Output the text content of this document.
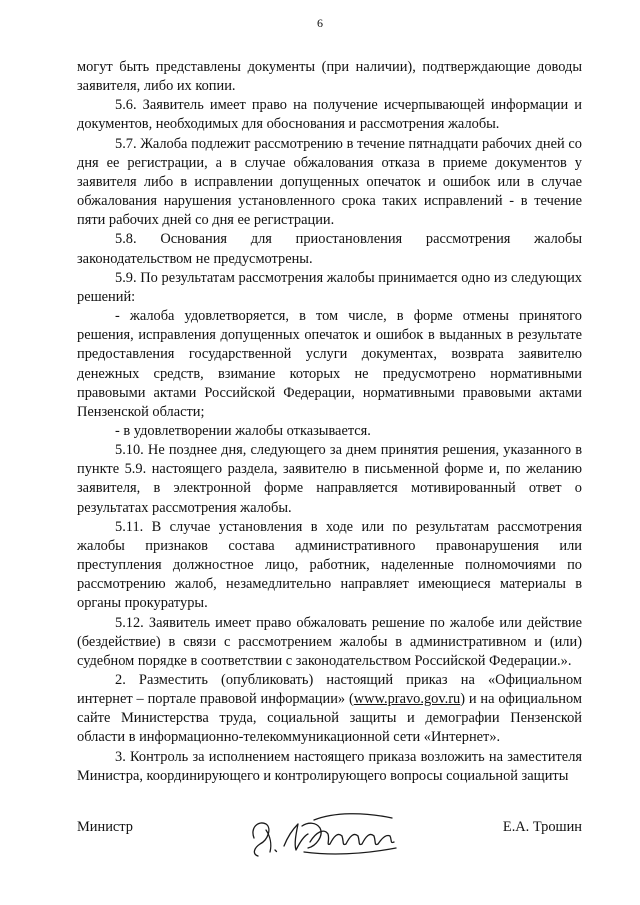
6

могут быть представлены документы (при наличии), подтверждающие доводы заявителя, либо их копии.

5.6. Заявитель имеет право на получение исчерпывающей информации и документов, необходимых для обоснования и рассмотрения жалобы.

5.7. Жалоба подлежит рассмотрению в течение пятнадцати рабочих дней со дня ее регистрации, а в случае обжалования отказа в приеме документов у заявителя либо в исправлении допущенных опечаток и ошибок или в случае обжалования нарушения установленного срока таких исправлений - в течение пяти рабочих дней со дня ее регистрации.

5.8. Основания для приостановления рассмотрения жалобы законодательством не предусмотрены.

5.9. По результатам рассмотрения жалобы принимается одно из следующих решений:

- жалоба удовлетворяется, в том числе, в форме отмены принятого решения, исправления допущенных опечаток и ошибок в выданных в результате предоставления государственной услуги документах, возврата заявителю денежных средств, взимание которых не предусмотрено нормативными правовыми актами Российской Федерации, нормативными правовыми актами Пензенской области;

- в удовлетворении жалобы отказывается.

5.10. Не позднее дня, следующего за днем принятия решения, указанного в пункте 5.9. настоящего раздела, заявителю в письменной форме и, по желанию заявителя, в электронной форме направляется мотивированный ответ о результатах рассмотрения жалобы.

5.11. В случае установления в ходе или по результатам рассмотрения жалобы признаков состава административного правонарушения или преступления должностное лицо, работник, наделенные полномочиями по рассмотрению жалоб, незамедлительно направляет имеющиеся материалы в органы прокуратуры.

5.12. Заявитель имеет право обжаловать решение по жалобе или действие (бездействие) в связи с рассмотрением жалобы в административном и (или) судебном порядке в соответствии с законодательством Российской Федерации.».

2. Разместить (опубликовать) настоящий приказ на «Официальном интернет – портале правовой информации» (www.pravo.gov.ru) и на официальном сайте Министерства труда, социальной защиты и демографии Пензенской области в информационно-телекоммуникационной сети «Интернет».

3. Контроль за исполнением настоящего приказа возложить на заместителя Министра, координирующего и контролирующего вопросы социальной защиты

Министр	Е.А. Трошин
